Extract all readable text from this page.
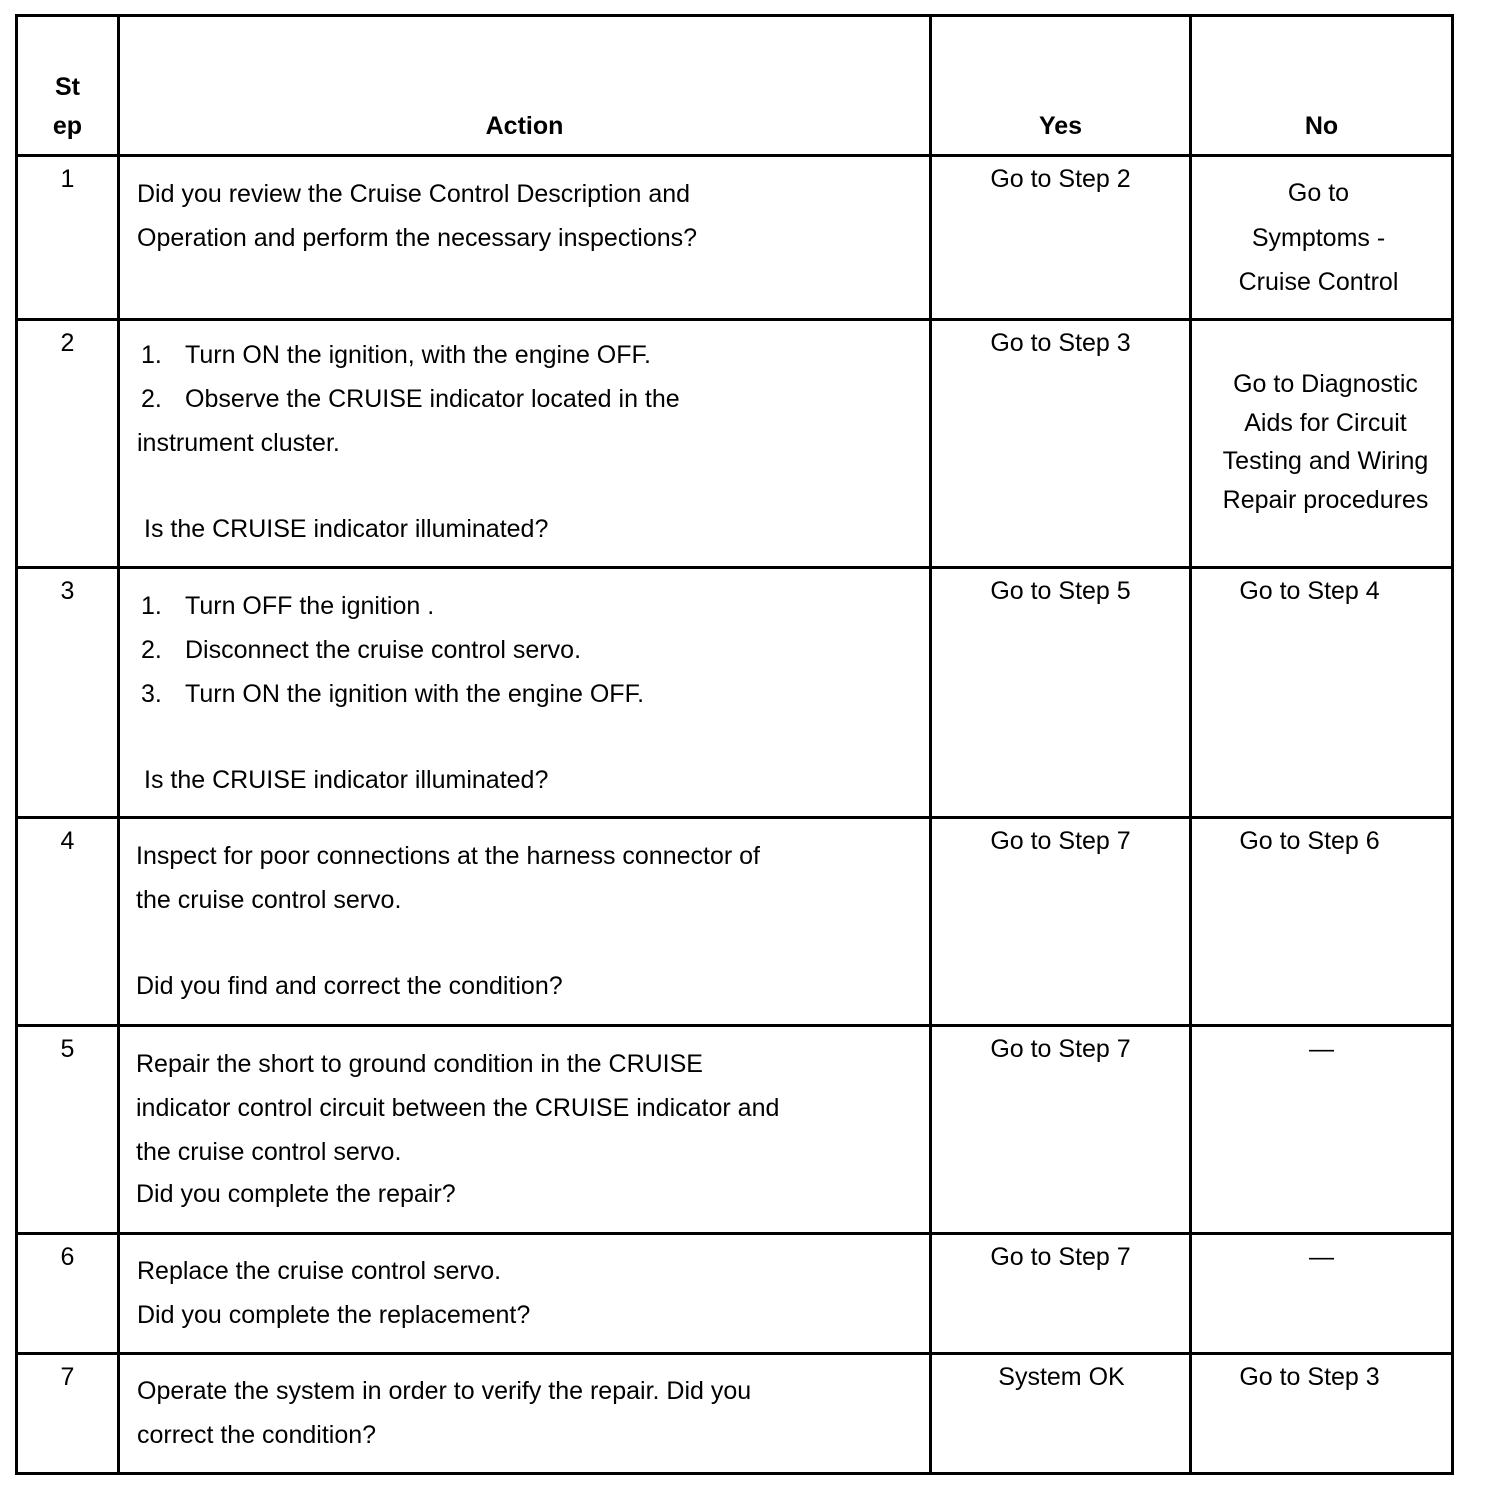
St
ep	Action	Yes	No
1	Did you review the Cruise Control Description and
Operation and perform the necessary inspections?	Go to Step 2	Go to
Symptoms -
Cruise Control

2	1. Turn ON the ignition, with the engine OFF.
2. Observe the CRUISE indicator located in the
instrument cluster.
Is the CRUISE indicator illuminated?	Go to Step 3	Go to Diagnostic
Aids for Circuit
Testing and Wiring
Repair procedures

3	1. Turn OFF the ignition .
2. Disconnect the cruise control servo.
3. Turn ON the ignition with the engine OFF.
Is the CRUISE indicator illuminated?	Go to Step 5	Go to Step 4
4	Inspect for poor connections at the harness connector of
the cruise control servo.
Did you find and correct the condition?	Go to Step 7	Go to Step 6
5	Repair the short to ground condition in the CRUISE
indicator control circuit between the CRUISE indicator and
the cruise control servo.
Did you complete the repair?	Go to Step 7	—
6	Replace the cruise control servo.
Did you complete the replacement?	Go to Step 7	—
7	Operate the system in order to verify the repair. Did you
correct the condition?	System OK	Go to Step 3
